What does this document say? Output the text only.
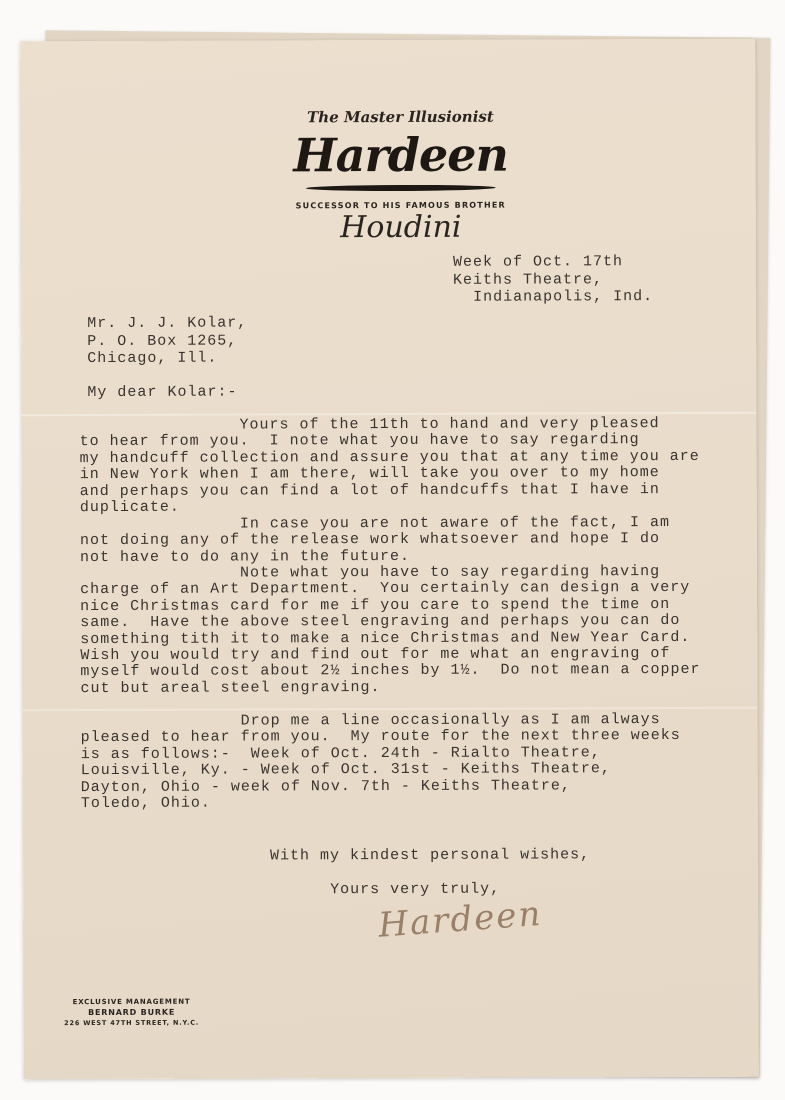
The Master Illusionist
Hardeen
SUCCESSOR TO HIS FAMOUS BROTHER
Houdini
Week of Oct. 17th
Keiths Theatre,
Indianapolis, Ind.
Mr. J. J. Kolar,
P. O. Box 1265,
Chicago, Ill.
My dear Kolar:-
Yours of the 11th to hand and very pleased
to hear from you.  I note what you have to say regarding
my handcuff collection and assure you that at any time you are
in New York when I am there, will take you over to my home
and perhaps you can find a lot of handcuffs that I have in
duplicate.
In case you are not aware of the fact, I am
not doing any of the release work whatsoever and hope I do
not have to do any in the future.
Note what you have to say regarding having
charge of an Art Department.  You certainly can design a very
nice Christmas card for me if you care to spend the time on
same.  Have the above steel engraving and perhaps you can do
something tith it to make a nice Christmas and New Year Card.
Wish you would try and find out for me what an engraving of
myself would cost about 2½ inches by 1½.  Do not mean a copper
cut but areal steel engraving.
Drop me a line occasionally as I am always
pleased to hear from you.  My route for the next three weeks
is as follows:-  Week of Oct. 24th - Rialto Theatre,
Louisville, Ky. - Week of Oct. 31st - Keiths Theatre,
Dayton, Ohio - week of Nov. 7th - Keiths Theatre,
Toledo, Ohio.
With my kindest personal wishes,
Yours very truly,
Hardeen
EXCLUSIVE MANAGEMENT
BERNARD BURKE
226 WEST 47TH STREET, N.Y.C.
